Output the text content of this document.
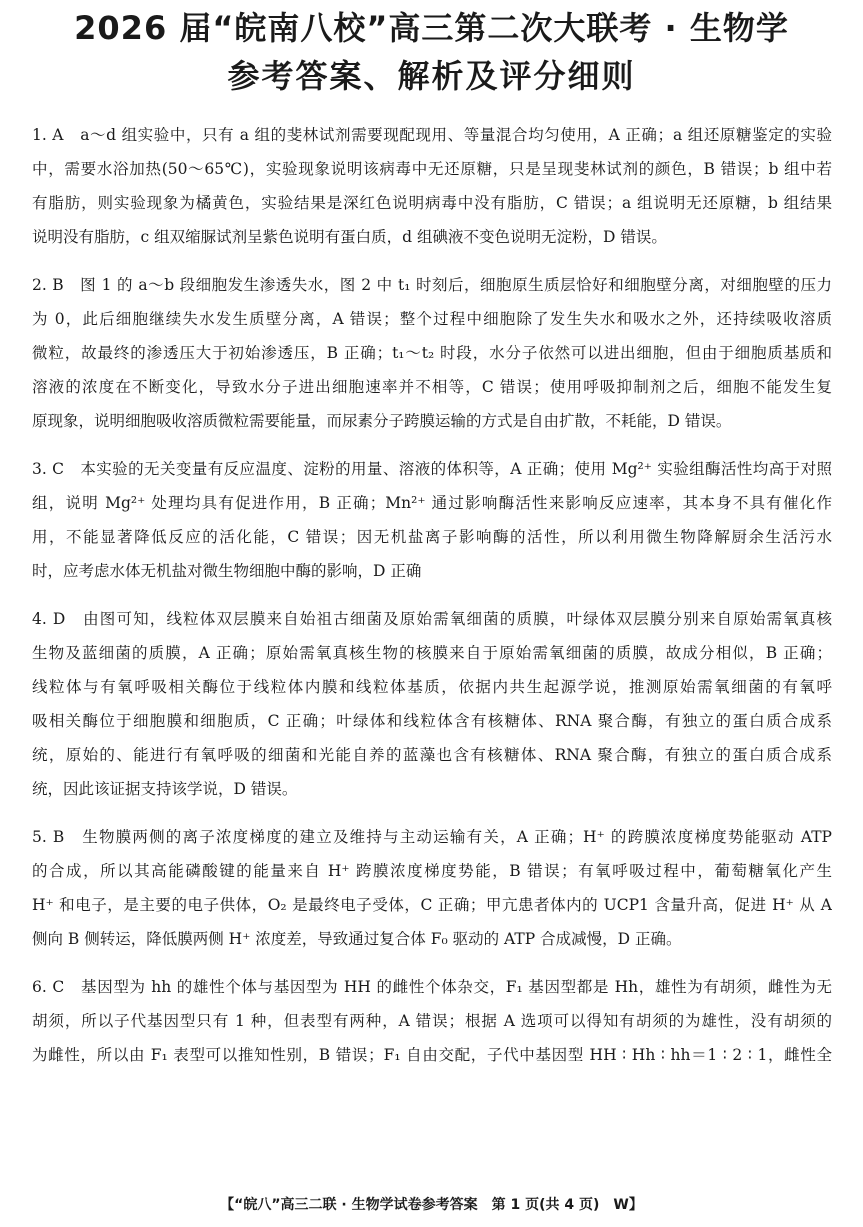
2026 届“皖南八校”高三第二次大联考 · 生物学
参考答案、解析及评分细则
1. A　a～d 组实验中，只有 a 组的斐林试剂需要现配现用、等量混合均匀使用，A 正确；a 组还原糖鉴定的实验
中，需要水浴加热(50～65℃)，实验现象说明该病毒中无还原糖，只是呈现斐林试剂的颜色，B 错误；b 组中若
有脂肪，则实验现象为橘黄色，实验结果是深红色说明病毒中没有脂肪，C 错误；a 组说明无还原糖，b 组结果
说明没有脂肪，c 组双缩脲试剂呈紫色说明有蛋白质，d 组碘液不变色说明无淀粉，D 错误。
2. B　图 1 的 a～b 段细胞发生渗透失水，图 2 中 t₁ 时刻后，细胞原生质层恰好和细胞壁分离，对细胞壁的压力
为 0，此后细胞继续失水发生质壁分离，A 错误；整个过程中细胞除了发生失水和吸水之外，还持续吸收溶质
微粒，故最终的渗透压大于初始渗透压，B 正确；t₁～t₂ 时段，水分子依然可以进出细胞，但由于细胞质基质和
溶液的浓度在不断变化，导致水分子进出细胞速率并不相等，C 错误；使用呼吸抑制剂之后，细胞不能发生复
原现象，说明细胞吸收溶质微粒需要能量，而尿素分子跨膜运输的方式是自由扩散，不耗能，D 错误。
3. C　本实验的无关变量有反应温度、淀粉的用量、溶液的体积等，A 正确；使用 Mg²⁺ 实验组酶活性均高于对照
组，说明 Mg²⁺ 处理均具有促进作用，B 正确；Mn²⁺ 通过影响酶活性来影响反应速率，其本身不具有催化作
用，不能显著降低反应的活化能，C 错误；因无机盐离子影响酶的活性，所以利用微生物降解厨余生活污水
时，应考虑水体无机盐对微生物细胞中酶的影响，D 正确
4. D　由图可知，线粒体双层膜来自始祖古细菌及原始需氧细菌的质膜，叶绿体双层膜分别来自原始需氧真核
生物及蓝细菌的质膜，A 正确；原始需氧真核生物的核膜来自于原始需氧细菌的质膜，故成分相似，B 正确；
线粒体与有氧呼吸相关酶位于线粒体内膜和线粒体基质，依据内共生起源学说，推测原始需氧细菌的有氧呼
吸相关酶位于细胞膜和细胞质，C 正确；叶绿体和线粒体含有核糖体、RNA 聚合酶，有独立的蛋白质合成系
统，原始的、能进行有氧呼吸的细菌和光能自养的蓝藻也含有核糖体、RNA 聚合酶，有独立的蛋白质合成系
统，因此该证据支持该学说，D 错误。
5. B　生物膜两侧的离子浓度梯度的建立及维持与主动运输有关，A 正确；H⁺ 的跨膜浓度梯度势能驱动 ATP
的合成，所以其高能磷酸键的能量来自 H⁺ 跨膜浓度梯度势能，B 错误；有氧呼吸过程中，葡萄糖氧化产生
H⁺ 和电子，是主要的电子供体，O₂ 是最终电子受体，C 正确；甲亢患者体内的 UCP1 含量升高，促进 H⁺ 从 A
侧向 B 侧转运，降低膜两侧 H⁺ 浓度差，导致通过复合体 F₀ 驱动的 ATP 合成减慢，D 正确。
6. C　基因型为 hh 的雄性个体与基因型为 HH 的雌性个体杂交，F₁ 基因型都是 Hh，雄性为有胡须，雌性为无
胡须，所以子代基因型只有 1 种，但表型有两种，A 错误；根据 A 选项可以得知有胡须的为雄性，没有胡须的
为雌性，所以由 F₁ 表型可以推知性别，B 错误；F₁ 自由交配，子代中基因型 HH ∶ Hh ∶ hh＝1 ∶ 2 ∶ 1，雌性全
【“皖八”高三二联 · 生物学试卷参考答案　第 1 页(共 4 页)　W】
